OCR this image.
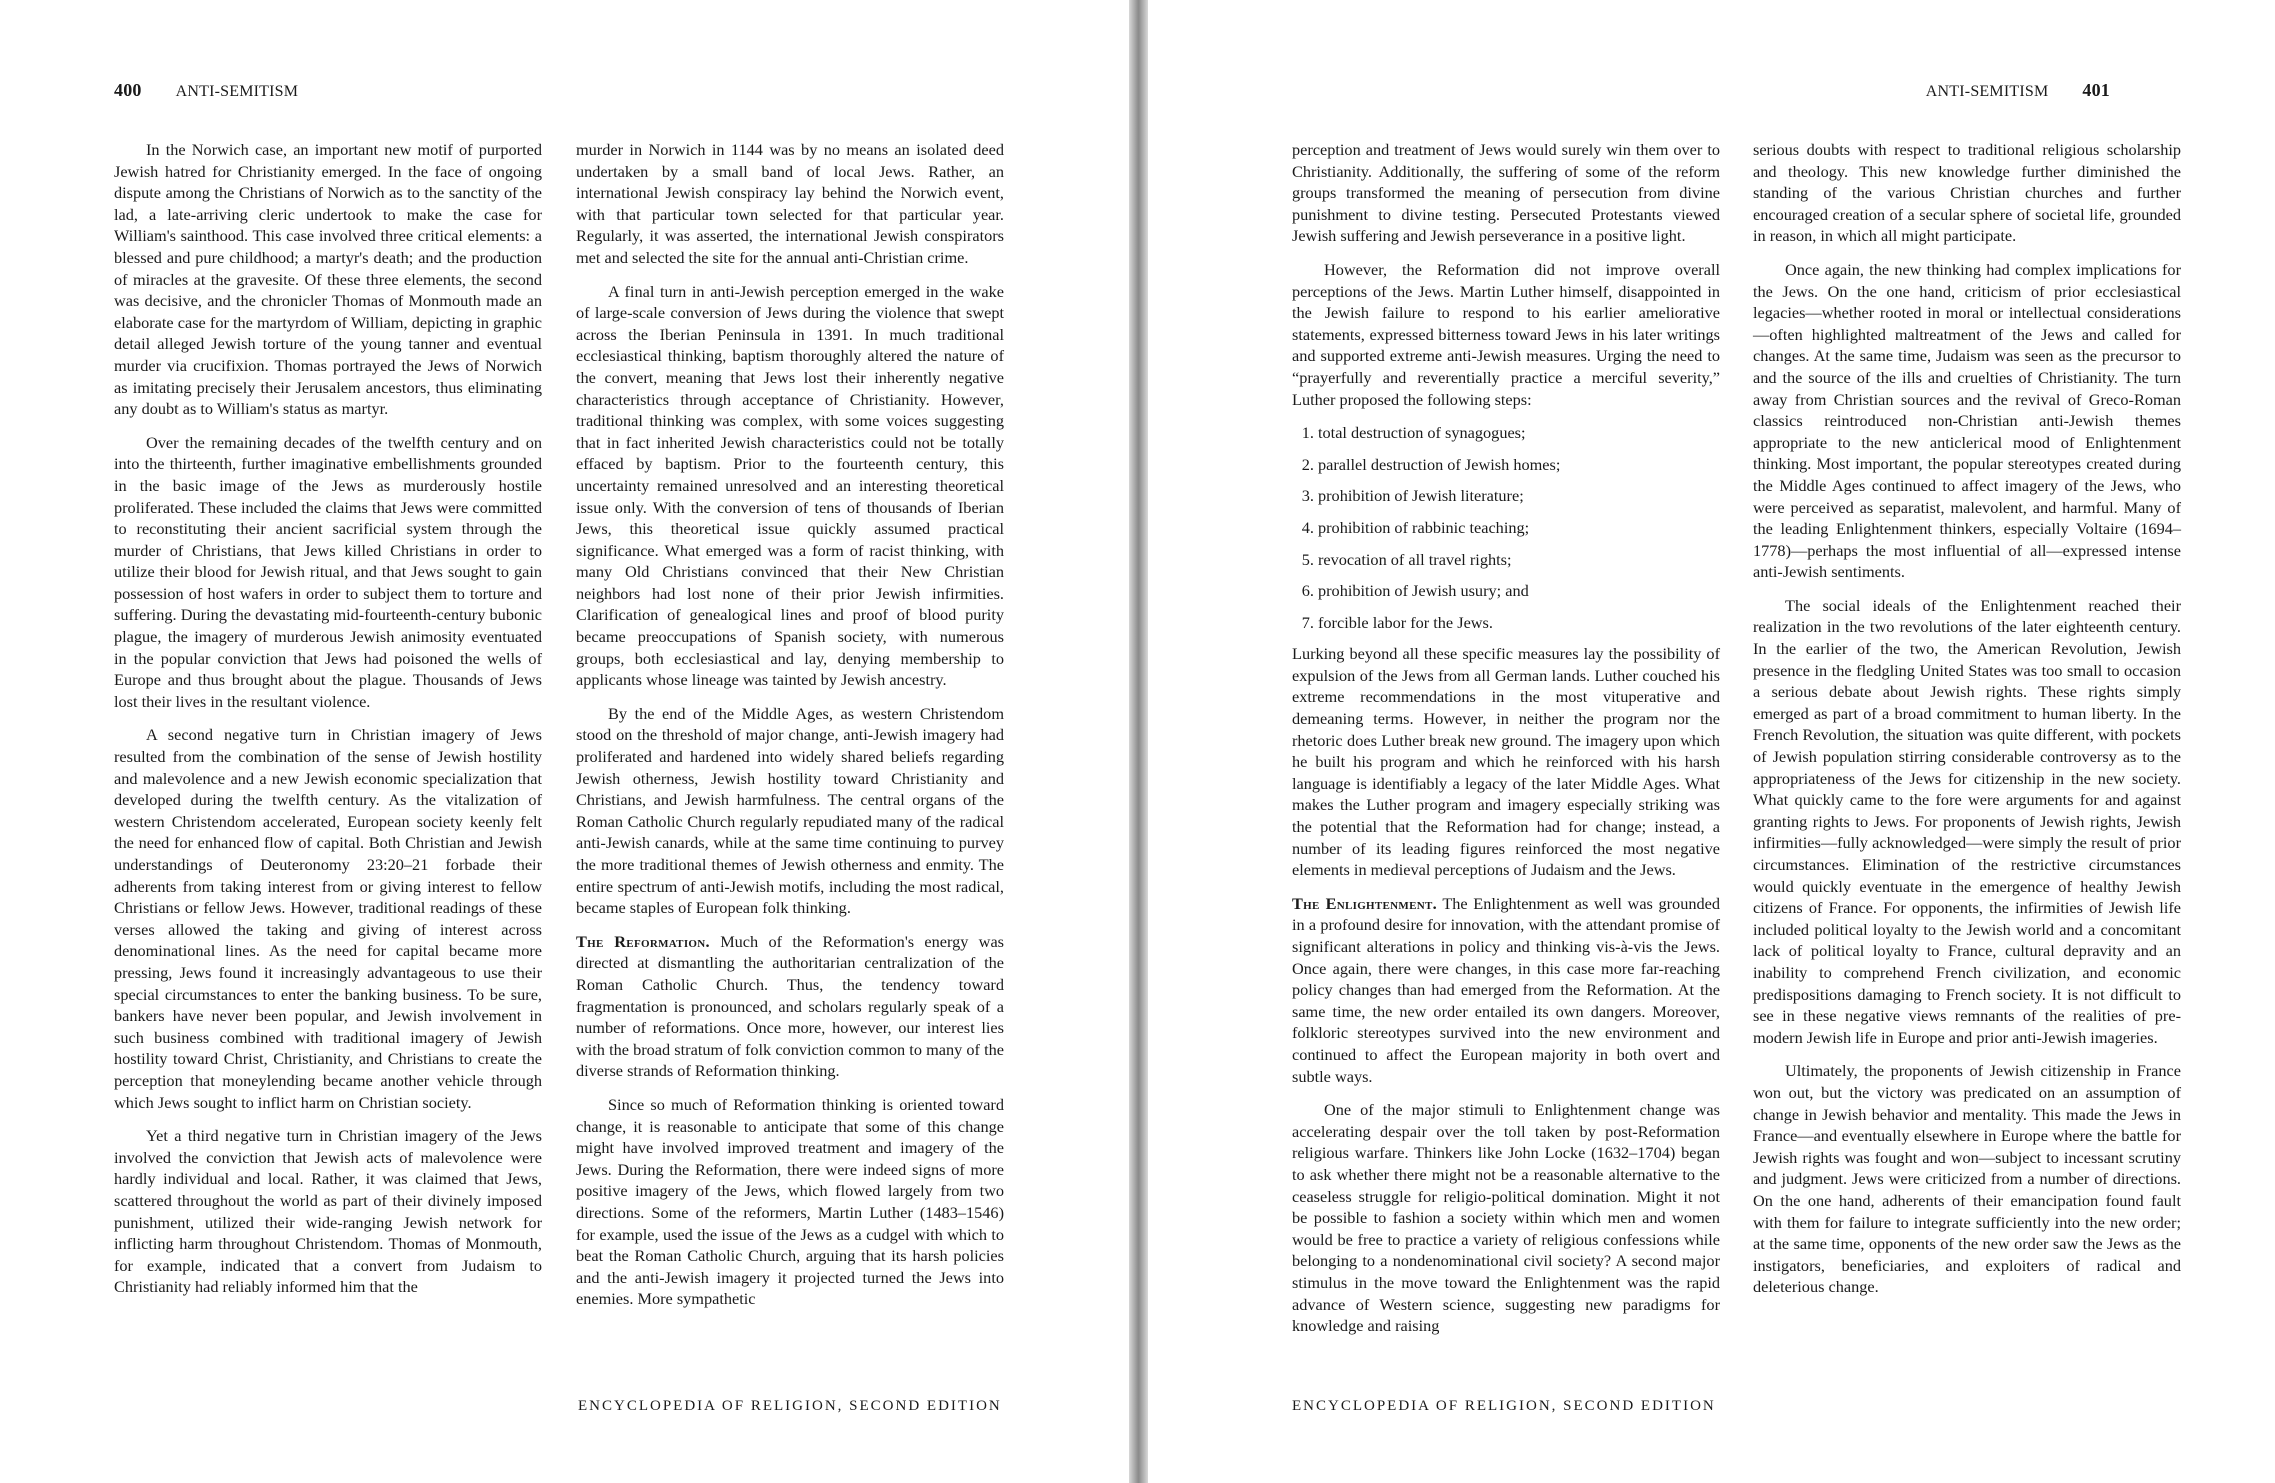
400 ANTI-SEMITISM

In the Norwich case, an important new motif of purported Jewish hatred for Christianity emerged. In the face of ongoing dispute among the Christians of Norwich as to the sanctity of the lad, a late-arriving cleric undertook to make the case for William's sainthood. This case involved three critical elements: a blessed and pure childhood; a martyr's death; and the production of miracles at the gravesite. Of these three elements, the second was decisive, and the chronicler Thomas of Monmouth made an elaborate case for the martyrdom of William, depicting in graphic detail alleged Jewish torture of the young tanner and eventual murder via crucifixion. Thomas portrayed the Jews of Norwich as imitating precisely their Jerusalem ancestors, thus eliminating any doubt as to William's status as martyr.

Over the remaining decades of the twelfth century and on into the thirteenth, further imaginative embellishments grounded in the basic image of the Jews as murderously hostile proliferated. These included the claims that Jews were committed to reconstituting their ancient sacrificial system through the murder of Christians, that Jews killed Christians in order to utilize their blood for Jewish ritual, and that Jews sought to gain possession of host wafers in order to subject them to torture and suffering. During the devastating mid-fourteenth-century bubonic plague, the imagery of murderous Jewish animosity eventuated in the popular conviction that Jews had poisoned the wells of Europe and thus brought about the plague. Thousands of Jews lost their lives in the resultant violence.

A second negative turn in Christian imagery of Jews resulted from the combination of the sense of Jewish hostility and malevolence and a new Jewish economic specialization that developed during the twelfth century. As the vitalization of western Christendom accelerated, European society keenly felt the need for enhanced flow of capital. Both Christian and Jewish understandings of Deuteronomy 23:20–21 forbade their adherents from taking interest from or giving interest to fellow Christians or fellow Jews. However, traditional readings of these verses allowed the taking and giving of interest across denominational lines. As the need for capital became more pressing, Jews found it increasingly advantageous to use their special circumstances to enter the banking business. To be sure, bankers have never been popular, and Jewish involvement in such business combined with traditional imagery of Jewish hostility toward Christ, Christianity, and Christians to create the perception that moneylending became another vehicle through which Jews sought to inflict harm on Christian society.

Yet a third negative turn in Christian imagery of the Jews involved the conviction that Jewish acts of malevolence were hardly individual and local. Rather, it was claimed that Jews, scattered throughout the world as part of their divinely imposed punishment, utilized their wide-ranging Jewish network for inflicting harm throughout Christendom. Thomas of Monmouth, for example, indicated that a convert from Judaism to Christianity had reliably informed him that the

murder in Norwich in 1144 was by no means an isolated deed undertaken by a small band of local Jews. Rather, an international Jewish conspiracy lay behind the Norwich event, with that particular town selected for that particular year. Regularly, it was asserted, the international Jewish conspirators met and selected the site for the annual anti-Christian crime.

A final turn in anti-Jewish perception emerged in the wake of large-scale conversion of Jews during the violence that swept across the Iberian Peninsula in 1391. In much traditional ecclesiastical thinking, baptism thoroughly altered the nature of the convert, meaning that Jews lost their inherently negative characteristics through acceptance of Christianity. However, traditional thinking was complex, with some voices suggesting that in fact inherited Jewish characteristics could not be totally effaced by baptism. Prior to the fourteenth century, this uncertainty remained unresolved and an interesting theoretical issue only. With the conversion of tens of thousands of Iberian Jews, this theoretical issue quickly assumed practical significance. What emerged was a form of racist thinking, with many Old Christians convinced that their New Christian neighbors had lost none of their prior Jewish infirmities. Clarification of genealogical lines and proof of blood purity became preoccupations of Spanish society, with numerous groups, both ecclesiastical and lay, denying membership to applicants whose lineage was tainted by Jewish ancestry.

By the end of the Middle Ages, as western Christendom stood on the threshold of major change, anti-Jewish imagery had proliferated and hardened into widely shared beliefs regarding Jewish otherness, Jewish hostility toward Christianity and Christians, and Jewish harmfulness. The central organs of the Roman Catholic Church regularly repudiated many of the radical anti-Jewish canards, while at the same time continuing to purvey the more traditional themes of Jewish otherness and enmity. The entire spectrum of anti-Jewish motifs, including the most radical, became staples of European folk thinking.

The Reformation. Much of the Reformation's energy was directed at dismantling the authoritarian centralization of the Roman Catholic Church. Thus, the tendency toward fragmentation is pronounced, and scholars regularly speak of a number of reformations. Once more, however, our interest lies with the broad stratum of folk conviction common to many of the diverse strands of Reformation thinking.

Since so much of Reformation thinking is oriented toward change, it is reasonable to anticipate that some of this change might have involved improved treatment and imagery of the Jews. During the Reformation, there were indeed signs of more positive imagery of the Jews, which flowed largely from two directions. Some of the reformers, Martin Luther (1483–1546) for example, used the issue of the Jews as a cudgel with which to beat the Roman Catholic Church, arguing that its harsh policies and the anti-Jewish imagery it projected turned the Jews into enemies. More sympathetic

ENCYCLOPEDIA OF RELIGION, SECOND EDITION
ANTI-SEMITISM 401

perception and treatment of Jews would surely win them over to Christianity. Additionally, the suffering of some of the reform groups transformed the meaning of persecution from divine punishment to divine testing. Persecuted Protestants viewed Jewish suffering and Jewish perseverance in a positive light.

However, the Reformation did not improve overall perceptions of the Jews. Martin Luther himself, disappointed in the Jewish failure to respond to his earlier ameliorative statements, expressed bitterness toward Jews in his later writings and supported extreme anti-Jewish measures. Urging the need to “prayerfully and reverentially practice a merciful severity,” Luther proposed the following steps:

1. total destruction of synagogues;
2. parallel destruction of Jewish homes;
3. prohibition of Jewish literature;
4. prohibition of rabbinic teaching;
5. revocation of all travel rights;
6. prohibition of Jewish usury; and
7. forcible labor for the Jews.

Lurking beyond all these specific measures lay the possibility of expulsion of the Jews from all German lands. Luther couched his extreme recommendations in the most vituperative and demeaning terms. However, in neither the program nor the rhetoric does Luther break new ground. The imagery upon which he built his program and which he reinforced with his harsh language is identifiably a legacy of the later Middle Ages. What makes the Luther program and imagery especially striking was the potential that the Reformation had for change; instead, a number of its leading figures reinforced the most negative elements in medieval perceptions of Judaism and the Jews.

The Enlightenment. The Enlightenment as well was grounded in a profound desire for innovation, with the attendant promise of significant alterations in policy and thinking vis-à-vis the Jews. Once again, there were changes, in this case more far-reaching policy changes than had emerged from the Reformation. At the same time, the new order entailed its own dangers. Moreover, folkloric stereotypes survived into the new environment and continued to affect the European majority in both overt and subtle ways.

One of the major stimuli to Enlightenment change was accelerating despair over the toll taken by post-Reformation religious warfare. Thinkers like John Locke (1632–1704) began to ask whether there might not be a reasonable alternative to the ceaseless struggle for religio-political domination. Might it not be possible to fashion a society within which men and women would be free to practice a variety of religious confessions while belonging to a nondenominational civil society? A second major stimulus in the move toward the Enlightenment was the rapid advance of Western science, suggesting new paradigms for knowledge and raising

serious doubts with respect to traditional religious scholarship and theology. This new knowledge further diminished the standing of the various Christian churches and further encouraged creation of a secular sphere of societal life, grounded in reason, in which all might participate.

Once again, the new thinking had complex implications for the Jews. On the one hand, criticism of prior ecclesiastical legacies—whether rooted in moral or intellectual considerations—often highlighted maltreatment of the Jews and called for changes. At the same time, Judaism was seen as the precursor to and the source of the ills and cruelties of Christianity. The turn away from Christian sources and the revival of Greco-Roman classics reintroduced non-Christian anti-Jewish themes appropriate to the new anticlerical mood of Enlightenment thinking. Most important, the popular stereotypes created during the Middle Ages continued to affect imagery of the Jews, who were perceived as separatist, malevolent, and harmful. Many of the leading Enlightenment thinkers, especially Voltaire (1694–1778)—perhaps the most influential of all—expressed intense anti-Jewish sentiments.

The social ideals of the Enlightenment reached their realization in the two revolutions of the later eighteenth century. In the earlier of the two, the American Revolution, Jewish presence in the fledgling United States was too small to occasion a serious debate about Jewish rights. These rights simply emerged as part of a broad commitment to human liberty. In the French Revolution, the situation was quite different, with pockets of Jewish population stirring considerable controversy as to the appropriateness of the Jews for citizenship in the new society. What quickly came to the fore were arguments for and against granting rights to Jews. For proponents of Jewish rights, Jewish infirmities—fully acknowledged—were simply the result of prior circumstances. Elimination of the restrictive circumstances would quickly eventuate in the emergence of healthy Jewish citizens of France. For opponents, the infirmities of Jewish life included political loyalty to the Jewish world and a concomitant lack of political loyalty to France, cultural depravity and an inability to comprehend French civilization, and economic predispositions damaging to French society. It is not difficult to see in these negative views remnants of the realities of pre-modern Jewish life in Europe and prior anti-Jewish imageries.

Ultimately, the proponents of Jewish citizenship in France won out, but the victory was predicated on an assumption of change in Jewish behavior and mentality. This made the Jews in France—and eventually elsewhere in Europe where the battle for Jewish rights was fought and won—subject to incessant scrutiny and judgment. Jews were criticized from a number of directions. On the one hand, adherents of their emancipation found fault with them for failure to integrate sufficiently into the new order; at the same time, opponents of the new order saw the Jews as the instigators, beneficiaries, and exploiters of radical and deleterious change.

ENCYCLOPEDIA OF RELIGION, SECOND EDITION
